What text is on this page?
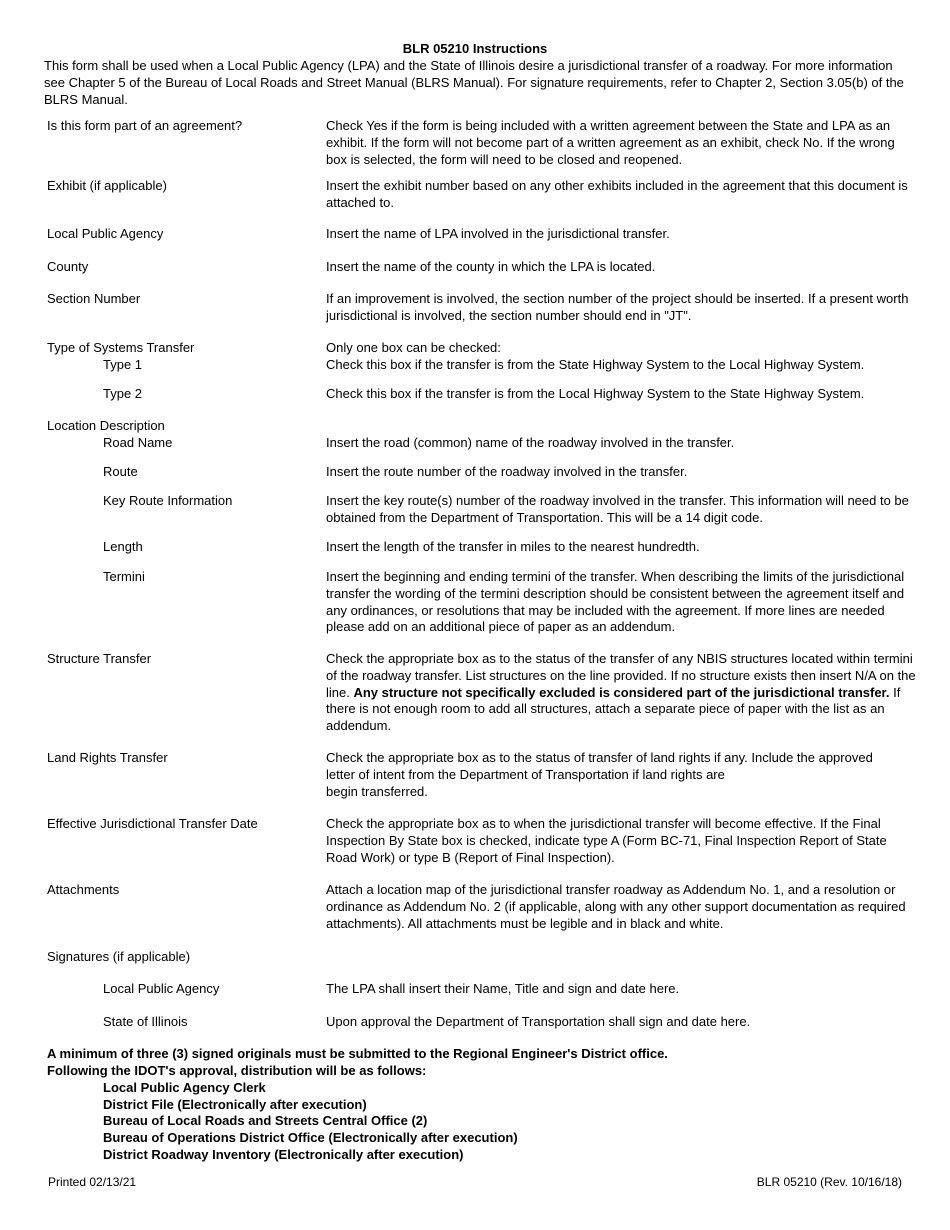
BLR 05210 Instructions
This form shall be used when a Local Public Agency (LPA) and the State of Illinois desire a jurisdictional transfer of a roadway. For more information see Chapter 5 of the Bureau of Local Roads and Street Manual (BLRS Manual). For signature requirements, refer to Chapter 2, Section 3.05(b) of the BLRS Manual.
Is this form part of an agreement?	Check Yes if the form is being included with a written agreement between the State and LPA as an exhibit. If the form will not become part of a written agreement as an exhibit, check No. If the wrong box is selected, the form will need to be closed and reopened.
Exhibit (if applicable)	Insert the exhibit number based on any other exhibits included in the agreement that this document is attached to.
Local Public Agency	Insert the name of LPA involved in the jurisdictional transfer.
County	Insert the name of the county in which the LPA is located.
Section Number	If an improvement is involved, the section number of the project should be inserted. If a present worth jurisdictional is involved, the section number should end in "JT".
Type of Systems Transfer	Only one box can be checked:
Type 1	Check this box if the transfer is from the State Highway System to the Local Highway System.
Type 2	Check this box if the transfer is from the Local Highway System to the State Highway System.
Location Description
Road Name	Insert the road (common) name of the roadway involved in the transfer.
Route	Insert the route number of the roadway involved in the transfer.
Key Route Information	Insert the key route(s) number of the roadway involved in the transfer. This information will need to be obtained from the Department of Transportation. This will be a 14 digit code.
Length	Insert the length of the transfer in miles to the nearest hundredth.
Termini	Insert the beginning and ending termini of the transfer. When describing the limits of the jurisdictional transfer the wording of the termini description should be consistent between the agreement itself and any ordinances, or resolutions that may be included with the agreement. If more lines are needed please add on an additional piece of paper as an addendum.
Structure Transfer	Check the appropriate box as to the status of the transfer of any NBIS structures located within termini of the roadway transfer. List structures on the line provided. If no structure exists then insert N/A on the line. Any structure not specifically excluded is considered part of the jurisdictional transfer. If there is not enough room to add all structures, attach a separate piece of paper with the list as an addendum.
Land Rights Transfer	Check the appropriate box as to the status of transfer of land rights if any. Include the approved letter of intent from the Department of Transportation if land rights are
begin transferred.
Effective Jurisdictional Transfer Date	Check the appropriate box as to when the jurisdictional transfer will become effective. If the Final Inspection By State box is checked, indicate type A (Form BC-71, Final Inspection Report of State Road Work) or type B (Report of Final Inspection).
Attachments	Attach a location map of the jurisdictional transfer roadway as Addendum No. 1, and a resolution or ordinance as Addendum No. 2 (if applicable, along with any other support documentation as required attachments). All attachments must be legible and in black and white.
Signatures (if applicable)
Local Public Agency	The LPA shall insert their Name, Title and sign and date here.
State of Illinois	Upon approval the Department of Transportation shall sign and date here.
A minimum of three (3) signed originals must be submitted to the Regional Engineer's District office.
Following the IDOT's approval, distribution will be as follows:
Local Public Agency Clerk
District File (Electronically after execution)
Bureau of Local Roads and Streets Central Office (2)
Bureau of Operations District Office (Electronically after execution)
District Roadway Inventory (Electronically after execution)
Printed 02/13/21	BLR 05210 (Rev. 10/16/18)
